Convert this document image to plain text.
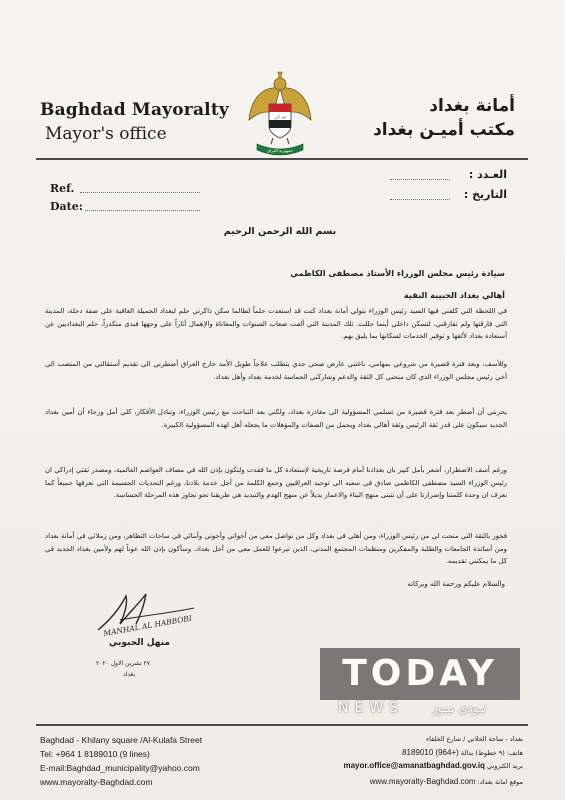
الله أكبر
جمهورية العراق
Baghdad Mayoralty
Mayor's office
أمانة بغداد
مكتب أميـن بغداد
Ref.
Date:
العـدد :
التاريخ :
بسم الله الرحمن الرحيم
سيادة رئيس مجلس الوزراء الأستاذ مصطفى الكاظمي
أهالي بغداد الحبيبة النقية
في اللحظة التي كلفني فيها السيد رئيس الوزراء بتولي أمانة بغداد كنت قد استعدت حلماً لطالما سكن ذاكرتي حلم لبغداد الجميلة الغافية على ضفة دجلة، المدينة التي فارقتها ولم تفارقني، لتسكن داخلي أينما حللت. تلك المدينة التي ألفت صعاب السنوات والمعاناة والإهمال آثاراً على وجهها فبدى متكدراً، حلم البغداديين عن أستعادة بغداد لألقها و توفير الخدمات لسكانها بما يليق بهم.
وللأسف، وبعد فترة قصيرة من شروعي بمهامي، باغتني عارض صحي جدي يتطلب علاجاً طويل الأمد خارج العراق أضطرني الى تقديم أستقالتي من المنصب الى أخي رئيس مجلس الوزراء الذي كان منحني كل الثقة والدعم وشاركني الحماسة لخدمة بغداد وأهل بغداد.
يحزنني أن أضطر بعد فترة قصيرة من تسلمي المسؤولية الى مغادرة بغداد، ولكني بعد التباحث مع رئيس الوزراء، وتبادل الأفكار، كلي أمل ورجاء أن أمين بغداد الجديد سيكون على قدر ثقة الرئيس وثقة أهالي بغداد ويحمل من الصفات والمؤهلات ما يجعله أهل لهذه المسؤولية الكبيرة.
ورغم أسف الاضطرار، أشعر بأمل كبير بان بغدادنا أمام فرصة تاريخية لإستعادة كل ما فقدت ولتكون بإذن الله في مصاف العواصم العالمية، ومصدر ثقتي إدراكي ان رئيس الوزراء السيد مصطفى الكاظمي صادق في سعيه الى توحيد العراقيين وجمع الكلمة من أجل خدمة بلادنا، ورغم التحديات الجسيمة التي نعرفها جميعاً كما نعرف ان وحدة كلمتنا وإصرارنا على أن نتبنى منهج البناء والاعمار بديلاً عن منهج الهدم والتبديد هي طريقنا نحو تجاوز هذه المرحلة الحساسة.
فخور بالثقة التي منحت لي من رئيس الوزراء، ومن أهلي في بغداد وكل من تواصل معي من أخواتي وأخوتي وأبنائي في ساحات التظاهر، ومن زملائي في أمانة بغداد ومن أساتذة الجامعات والطلبة والمفكرين ومنظمات المجتمع المدني، الذين تبرعوا للعمل معي من أجل بغداد، وسأكون بإذن الله عوناً لهم ولأمين بغداد الجديد في كل ما يمكنني تقديمه.
والسلام عليكم ورحمة الله وبركاته
MANHAL AL HABBOBI
منهل الحبوبي
٢٧ تشرين الاول ٢٠٢٠
بغداد	TODAY
NEWS تـودي نيـوز
Baghdad - Khilany square /Al-Kulafa Street
Tel: +964 1 8189010 (9 lines)
E-mail:Baghdad_municipality@yahoo.com
www.mayoralty-Baghdad.com
بغداد - ساحة الخلاني / شارع الخلفاء
هاتف: (٩ خطوط) بدالة 8189010 (964+)
بريد الكتروني mayor.office@amanatbaghdad.gov.iq
موقع امانة بغداد: www.mayoralty-Baghdad.com
